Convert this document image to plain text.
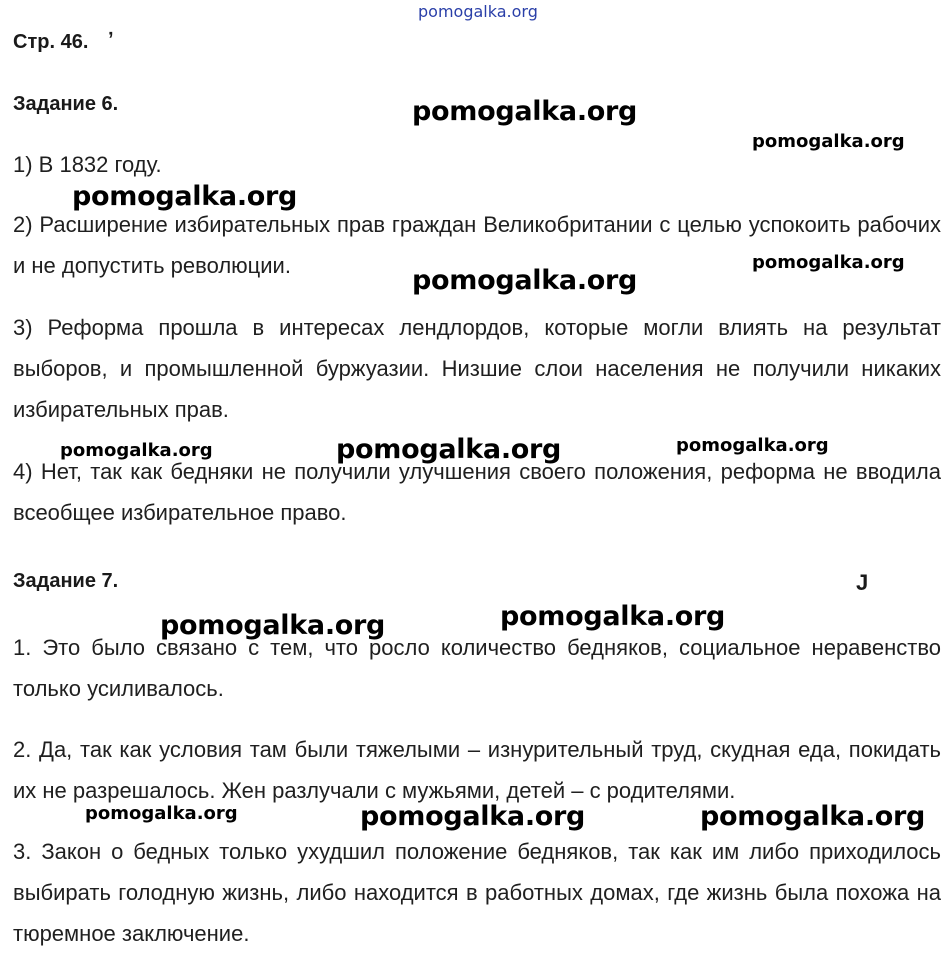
pomogalka.org
Стр. 46. ʼ
Задание 6.
1) В 1832 году.
2) Расширение избирательных прав граждан Великобритании с целью успокоить рабочих и не допустить революции.
3) Реформа прошла в интересах лендлордов, которые могли влиять на результат выборов, и промышленной буржуазии. Низшие слои населения не получили никаких избирательных прав.
4) Нет, так как бедняки не получили улучшения своего положения, реформа не вводила всеобщее избирательное право.
Задание 7.	J
1. Это было связано с тем, что росло количество бедняков, социальное неравенство только усиливалось.
2. Да, так как условия там были тяжелыми – изнурительный труд, скудная еда, покидать их не разрешалось. Жен разлучали с мужьями, детей – с родителями.
3. Закон о бедных только ухудшил положение бедняков, так как им либо приходилось выбирать голодную жизнь, либо находится в работных домах, где жизнь была похожа на тюремное заключение.
pomogalka.org
pomogalka.org
pomogalka.org
pomogalka.org
pomogalka.org
pomogalka.org	pomogalka.org	pomogalka.org
pomogalka.org
pomogalka.org
pomogalka.org	pomogalka.org	pomogalka.org
